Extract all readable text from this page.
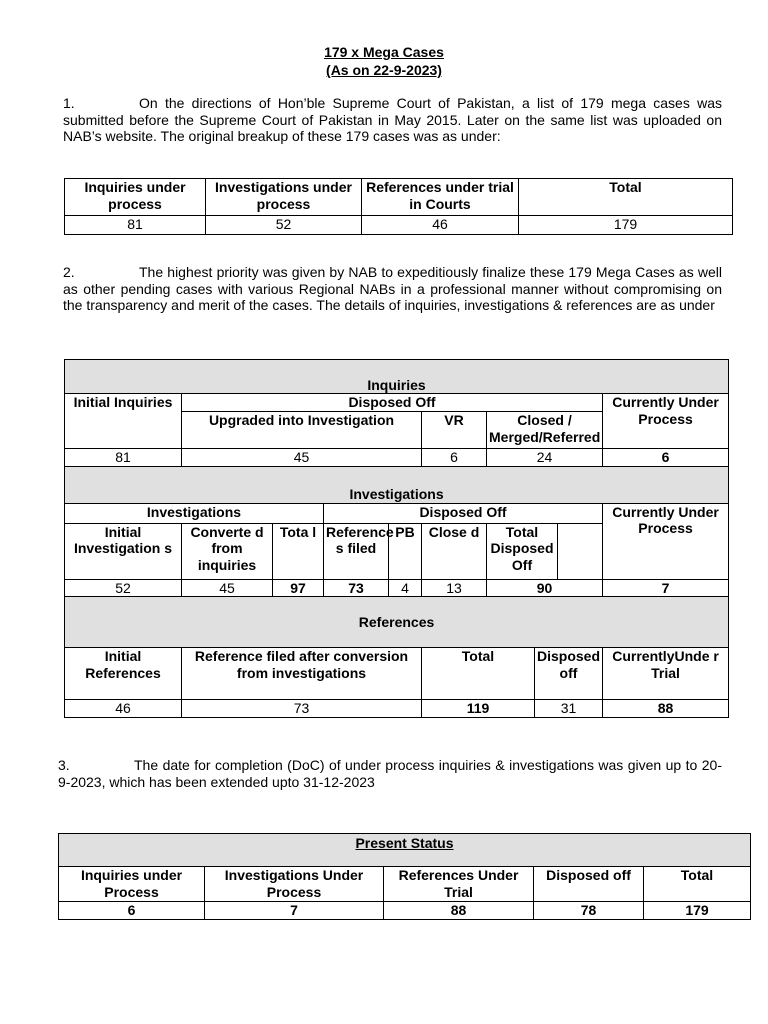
179 x Mega Cases
(As on 22-9-2023)
1.	On the directions of Hon’ble Supreme Court of Pakistan, a list of 179 mega cases was submitted before the Supreme Court of Pakistan in May 2015. Later on the same list was uploaded on NAB’s website. The original breakup of these 179 cases was as under:
Inquiries under process	Investigations under process	References under trial in Courts	Total
81	52	46	179
2.	The highest priority was given by NAB to expeditiously finalize these 179 Mega Cases as well as other pending cases with various Regional NABs in a professional manner without compromising on the transparency and merit of the cases. The details of inquiries, investigations & references are as under
Inquiries								
Initial Inquiries	Disposed Off							Currently Under Process
	Upgraded into Investigation				VR	Closed / Merged/Referred		
81	45				6	24		6
Investigations								
Investigations			Disposed Off					Currently Under Process
Initial Investigation s	Converte d from inquiries	Tota l	Reference s filed	PB	Close d	Total Disposed Off	
52	45	97	73	4	13	90		7
References								
Initial References	Reference filed after conversion from investigations				Total		Disposed off	CurrentlyUnde r Trial
46	73				119		31	88
3.	The date for completion (DoC) of under process inquiries & investigations was given up to 20-9-2023, which has been extended upto 31-12-2023
Present Status				
Inquiries under Process	Investigations Under Process	References Under Trial	Disposed off	Total
6	7	88	78	179
